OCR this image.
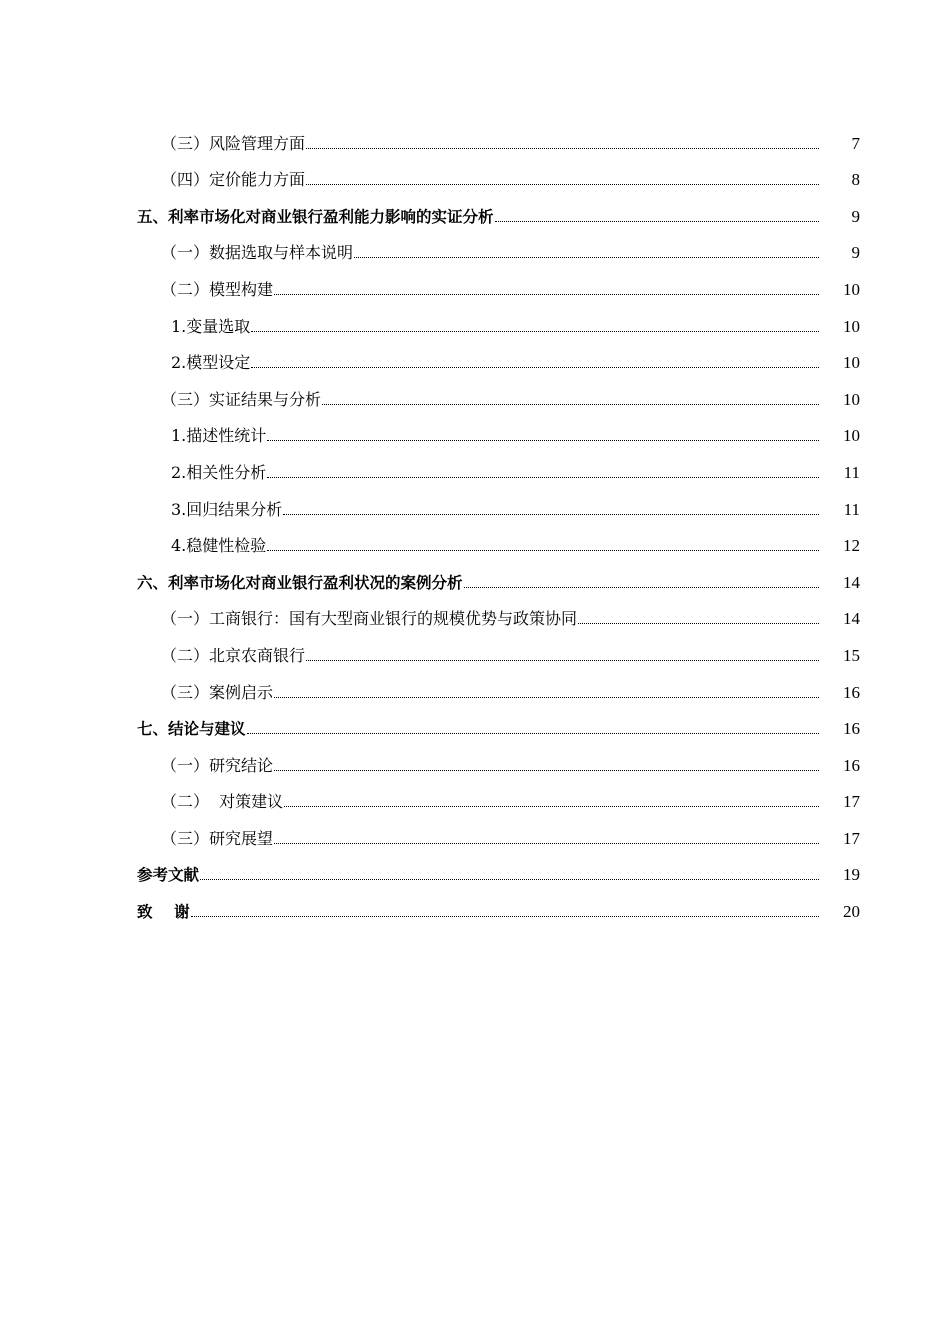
（三）风险管理方面	7
（四）定价能力方面	8
五、利率市场化对商业银行盈利能力影响的实证分析	9
（一）数据选取与样本说明	9
（二）模型构建	10
1.变量选取	10
2.模型设定	10
（三）实证结果与分析	10
1.描述性统计	10
2.相关性分析	11
3.回归结果分析	11
4.稳健性检验	12
六、利率市场化对商业银行盈利状况的案例分析	14
（一）工商银行：国有大型商业银行的规模优势与政策协同	14
（二）北京农商银行	15
（三）案例启示	16
七、结论与建议	16
（一）研究结论	16
（二）  对策建议	17
（三）研究展望	17
参考文献	19
致    谢	20
